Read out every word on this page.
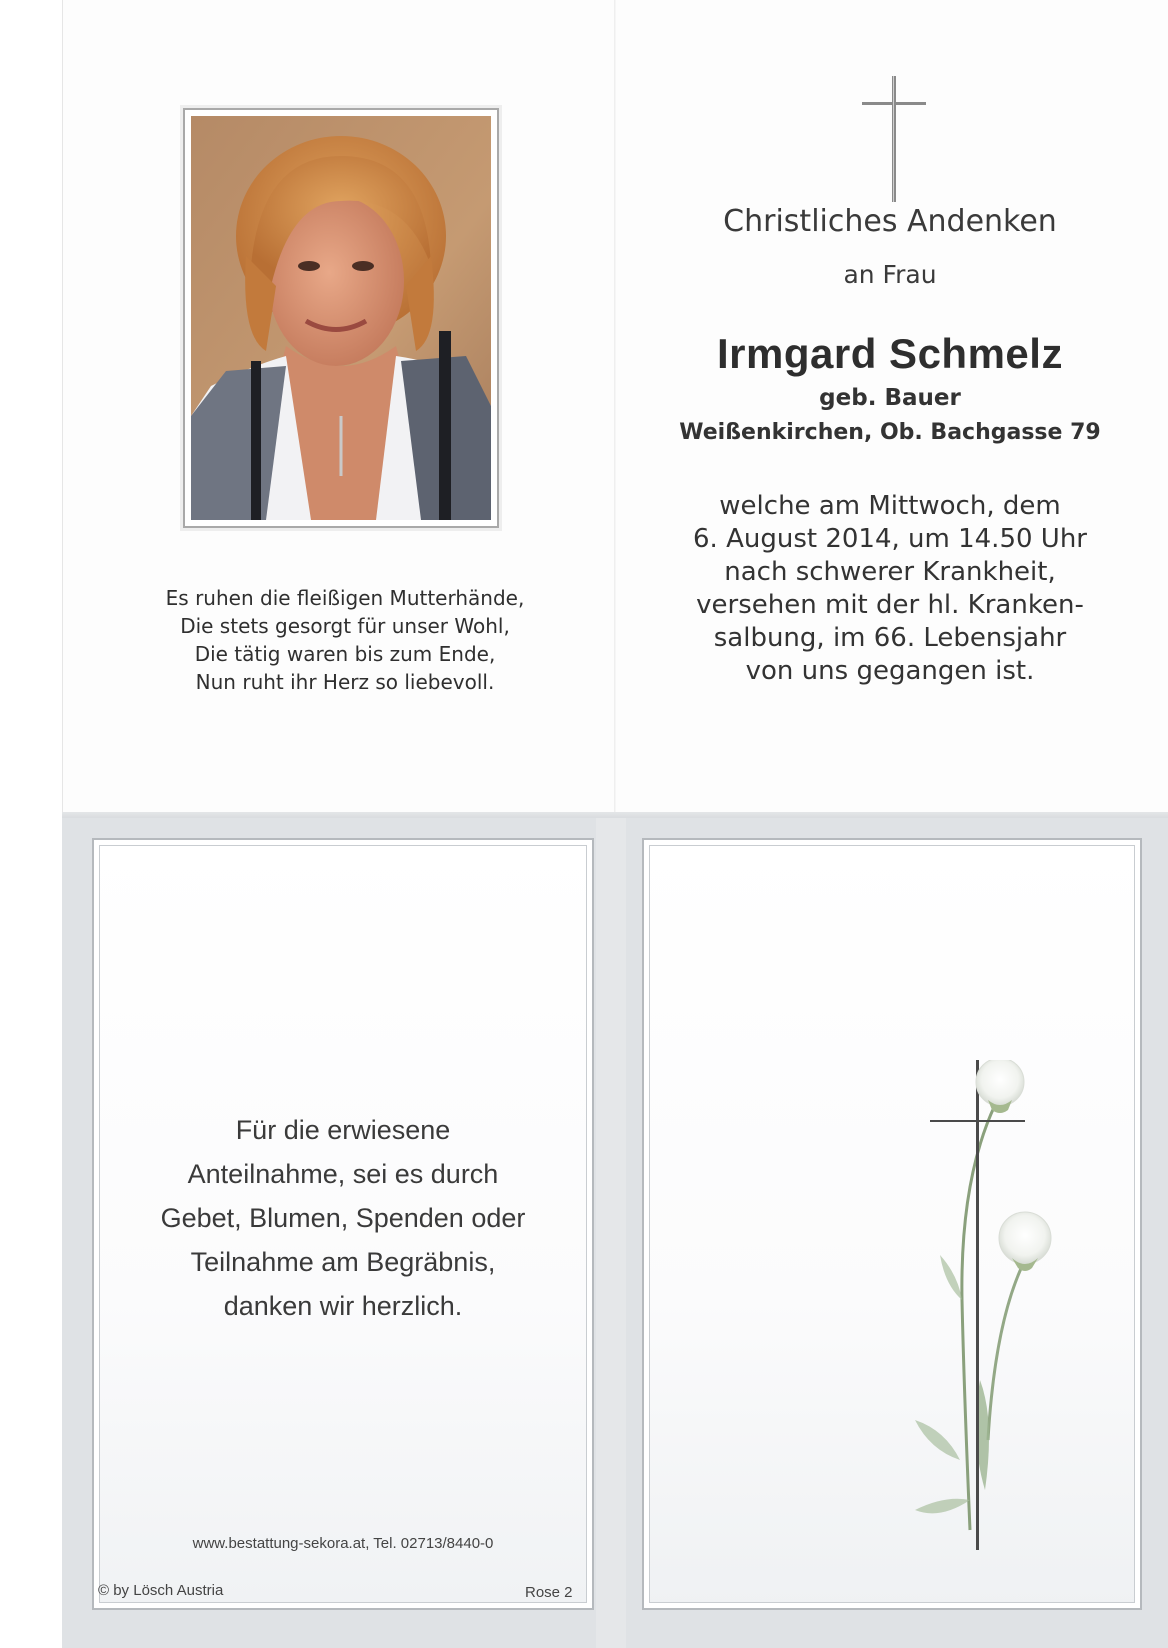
Es ruhen die fleißigen Mutterhände,
Die stets gesorgt für unser Wohl,
Die tätig waren bis zum Ende,
Nun ruht ihr Herz so liebevoll.
Christliches Andenken
an Frau
Irmgard Schmelz
geb. Bauer
Weißenkirchen, Ob. Bachgasse 79
welche am Mittwoch, dem
6. August 2014, um 14.50 Uhr
nach schwerer Krankheit,
versehen mit der hl. Kranken-
salbung, im 66. Lebensjahr
von uns gegangen ist.
Für die erwiesene
Anteilnahme, sei es durch
Gebet, Blumen, Spenden oder
Teilnahme am Begräbnis,
danken wir herzlich.
www.bestattung-sekora.at, Tel. 02713/8440-0
© by Lösch Austria	Rose 2
